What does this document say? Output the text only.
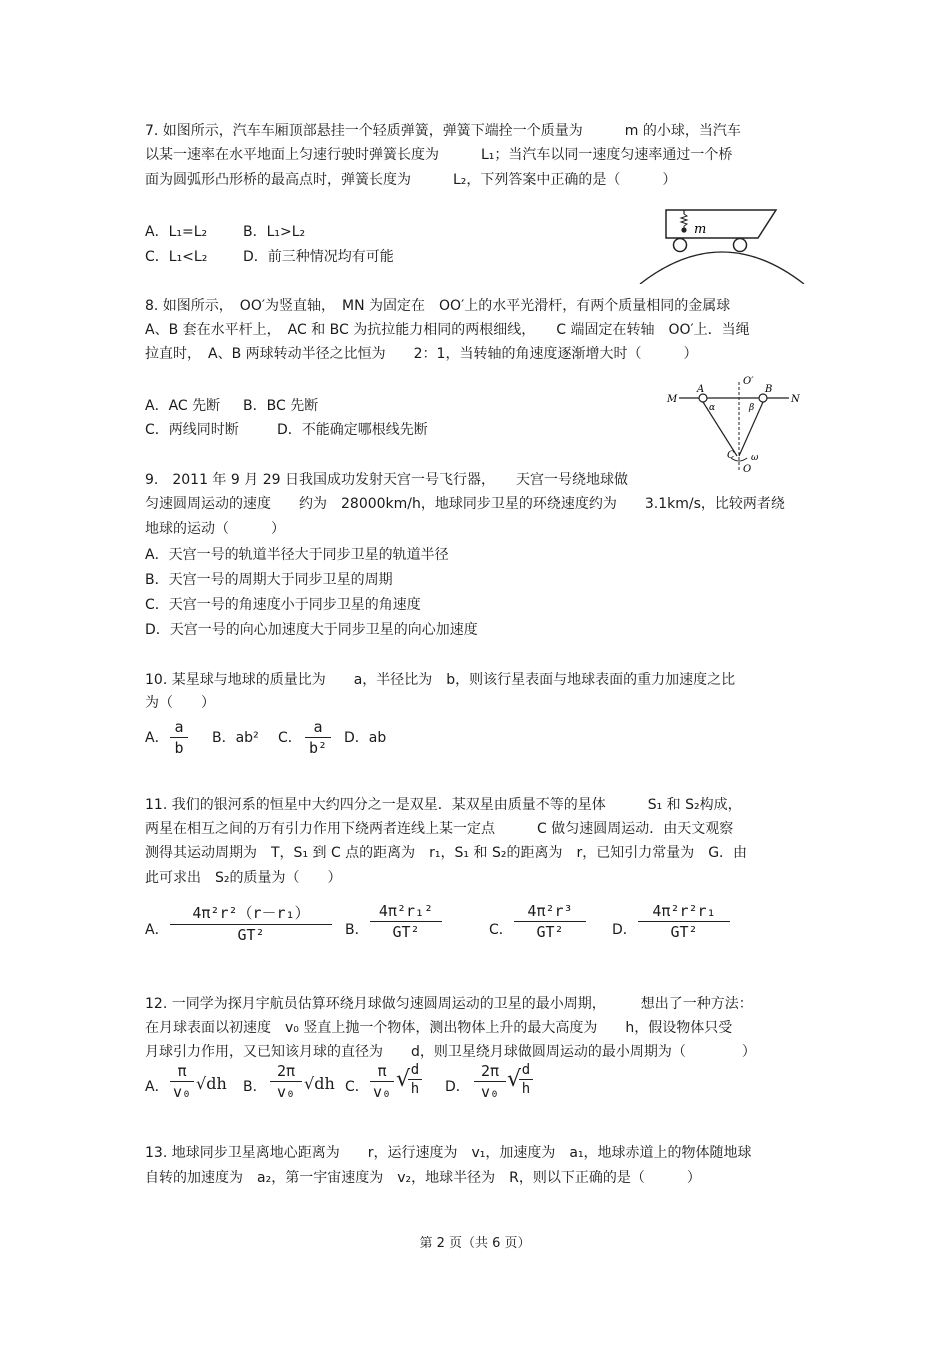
7. 如图所示，汽车车厢顶部悬挂一个轻质弹簧，弹簧下端拴一个质量为　　　m 的小球，当汽车
以某一速率在水平地面上匀速行驶时弹簧长度为　　　L₁；当汽车以同一速度匀速率通过一个桥
面为圆弧形凸形桥的最高点时，弹簧长度为　　　L₂，下列答案中正确的是（　　　）
A．L₁=L₂	B．L₁>L₂
C．L₁<L₂	D．前三种情况均有可能
m
8. 如图所示，　OO′为竖直轴，　MN 为固定在　OO′上的水平光滑杆，有两个质量相同的金属球
A、B 套在水平杆上，　AC 和 BC 为抗拉能力相同的两根细线，　　C 端固定在转轴　OO′上．当绳
拉直时，　A、B 两球转动半径之比恒为　　2：1，当转轴的角速度逐渐增大时（　　　）
A．AC 先断 B．BC 先断
C．两线同时断	D．不能确定哪根线先断
M	N
A	B
O′
α	β
C ω
O
9.　2011 年 9 月 29 日我国成功发射天宫一号飞行器，　　天宫一号绕地球做
匀速圆周运动的速度　　约为　28000km/h，地球同步卫星的环绕速度约为　　3.1km/s，比较两者绕
地球的运动（　　　）
A．天宫一号的轨道半径大于同步卫星的轨道半径
B．天宫一号的周期大于同步卫星的周期
C．天宫一号的角速度小于同步卫星的角速度
D．天宫一号的向心加速度大于同步卫星的向心加速度
10. 某星球与地球的质量比为　　a，半径比为　b，则该行星表面与地球表面的重力加速度之比
为（　　）
A．
a
b
B．ab² C．
a
b²
D．ab
11. 我们的银河系的恒星中大约四分之一是双星．某双星由质量不等的星体　　　S₁ 和 S₂构成，
两星在相互之间的万有引力作用下绕两者连线上某一定点　　　C 做匀速圆周运动．由天文观察
测得其运动周期为　T，S₁ 到 C 点的距离为　r₁，S₁ 和 S₂的距离为　r，已知引力常量为　G．由
此可求出　S₂的质量为（　　）
A．
4π²r²（r－r₁）
GT²	B．
4π²r₁²
GT²	C．
4π²r³
GT²	D．
4π²r²r₁
GT²
12. 一同学为探月宇航员估算环绕月球做匀速圆周运动的卫星的最小周期，　　　想出了一种方法：
在月球表面以初速度　v₀ 竖直上抛一个物体，测出物体上升的最大高度为　　h，假设物体只受
月球引力作用，又已知该月球的直径为　　d，则卫星绕月球做圆周运动的最小周期为（　　　　）
A．
π
v₀ √dh B．
2π
v₀ √dh C．
π
v₀ √ d
h D．
2π
v₀ √ d
h
13. 地球同步卫星离地心距离为　　r，运行速度为　v₁，加速度为　a₁，地球赤道上的物体随地球
自转的加速度为　a₂，第一宇宙速度为　v₂，地球半径为　R，则以下正确的是（　　　）
第 2 页（共 6 页）
